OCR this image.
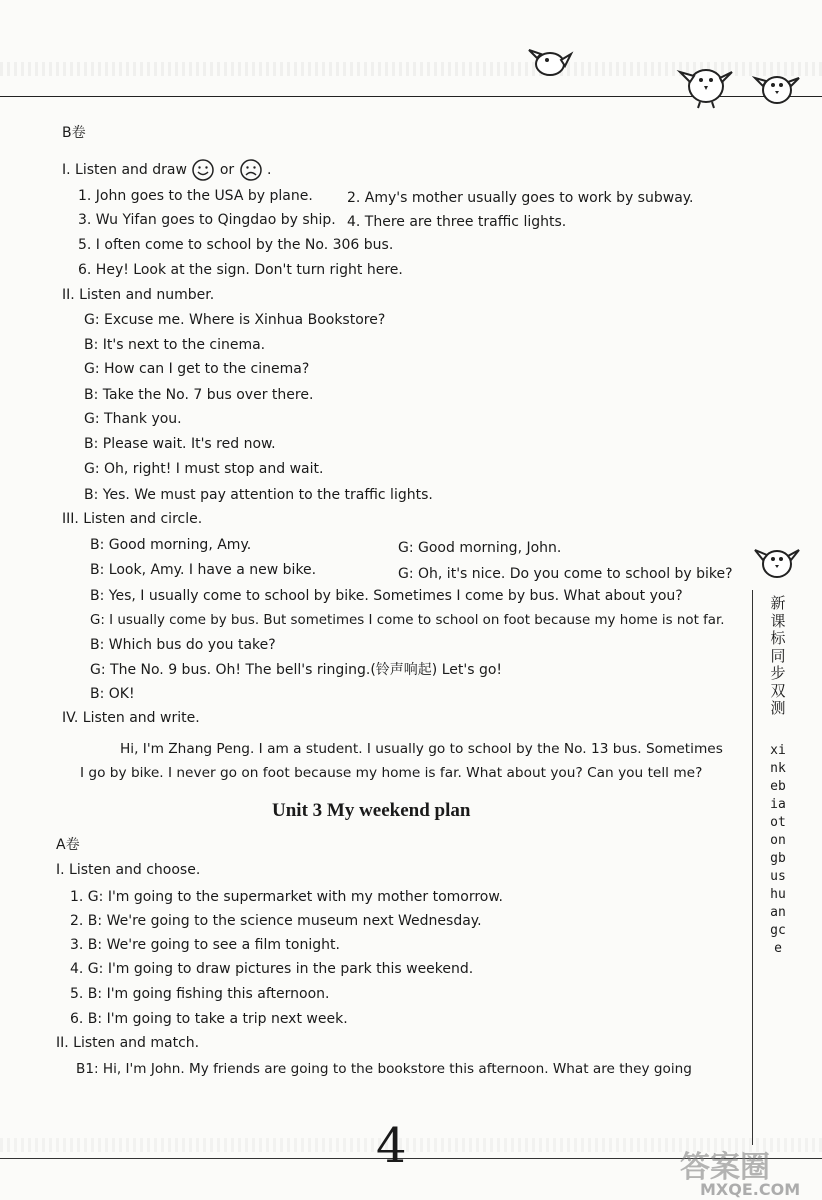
B卷
I. Listen and draw or .
1. John goes to the USA by plane. 2. Amy's mother usually goes to work by subway.
3. Wu Yifan goes to Qingdao by ship. 4. There are three traffic lights.
5. I often come to school by the No. 306 bus.
6. Hey! Look at the sign. Don't turn right here.
II. Listen and number.
G: Excuse me. Where is Xinhua Bookstore?
B: It's next to the cinema.
G: How can I get to the cinema?
B: Take the No. 7 bus over there.
G: Thank you.
B: Please wait. It's red now.
G: Oh, right! I must stop and wait.
B: Yes. We must pay attention to the traffic lights.
III. Listen and circle.
B: Good morning, Amy.	G: Good morning, John.
B: Look, Amy. I have a new bike.	G: Oh, it's nice. Do you come to school by bike?
B: Yes, I usually come to school by bike. Sometimes I come by bus. What about you?
G: I usually come by bus. But sometimes I come to school on foot because my home is not far.
B: Which bus do you take?
G: The No. 9 bus. Oh! The bell's ringing.(铃声响起) Let's go!
B: OK!
IV. Listen and write.
Hi, I'm Zhang Peng. I am a student. I usually go to school by the No. 13 bus. Sometimes
I go by bike. I never go on foot because my home is far. What about you? Can you tell me?
Unit 3 My weekend plan
A卷
I. Listen and choose.
1. G: I'm going to the supermarket with my mother tomorrow.
2. B: We're going to the science museum next Wednesday.
3. B: We're going to see a film tonight.
4. G: I'm going to draw pictures in the park this weekend.
5. B: I'm going fishing this afternoon.
6. B: I'm going to take a trip next week.
II. Listen and match.
B1: Hi, I'm John. My friends are going to the bookstore this afternoon. What are they going
新课标同步双测
xinkebiaotongbushuangce
4	答案圈
MXQE.COM
